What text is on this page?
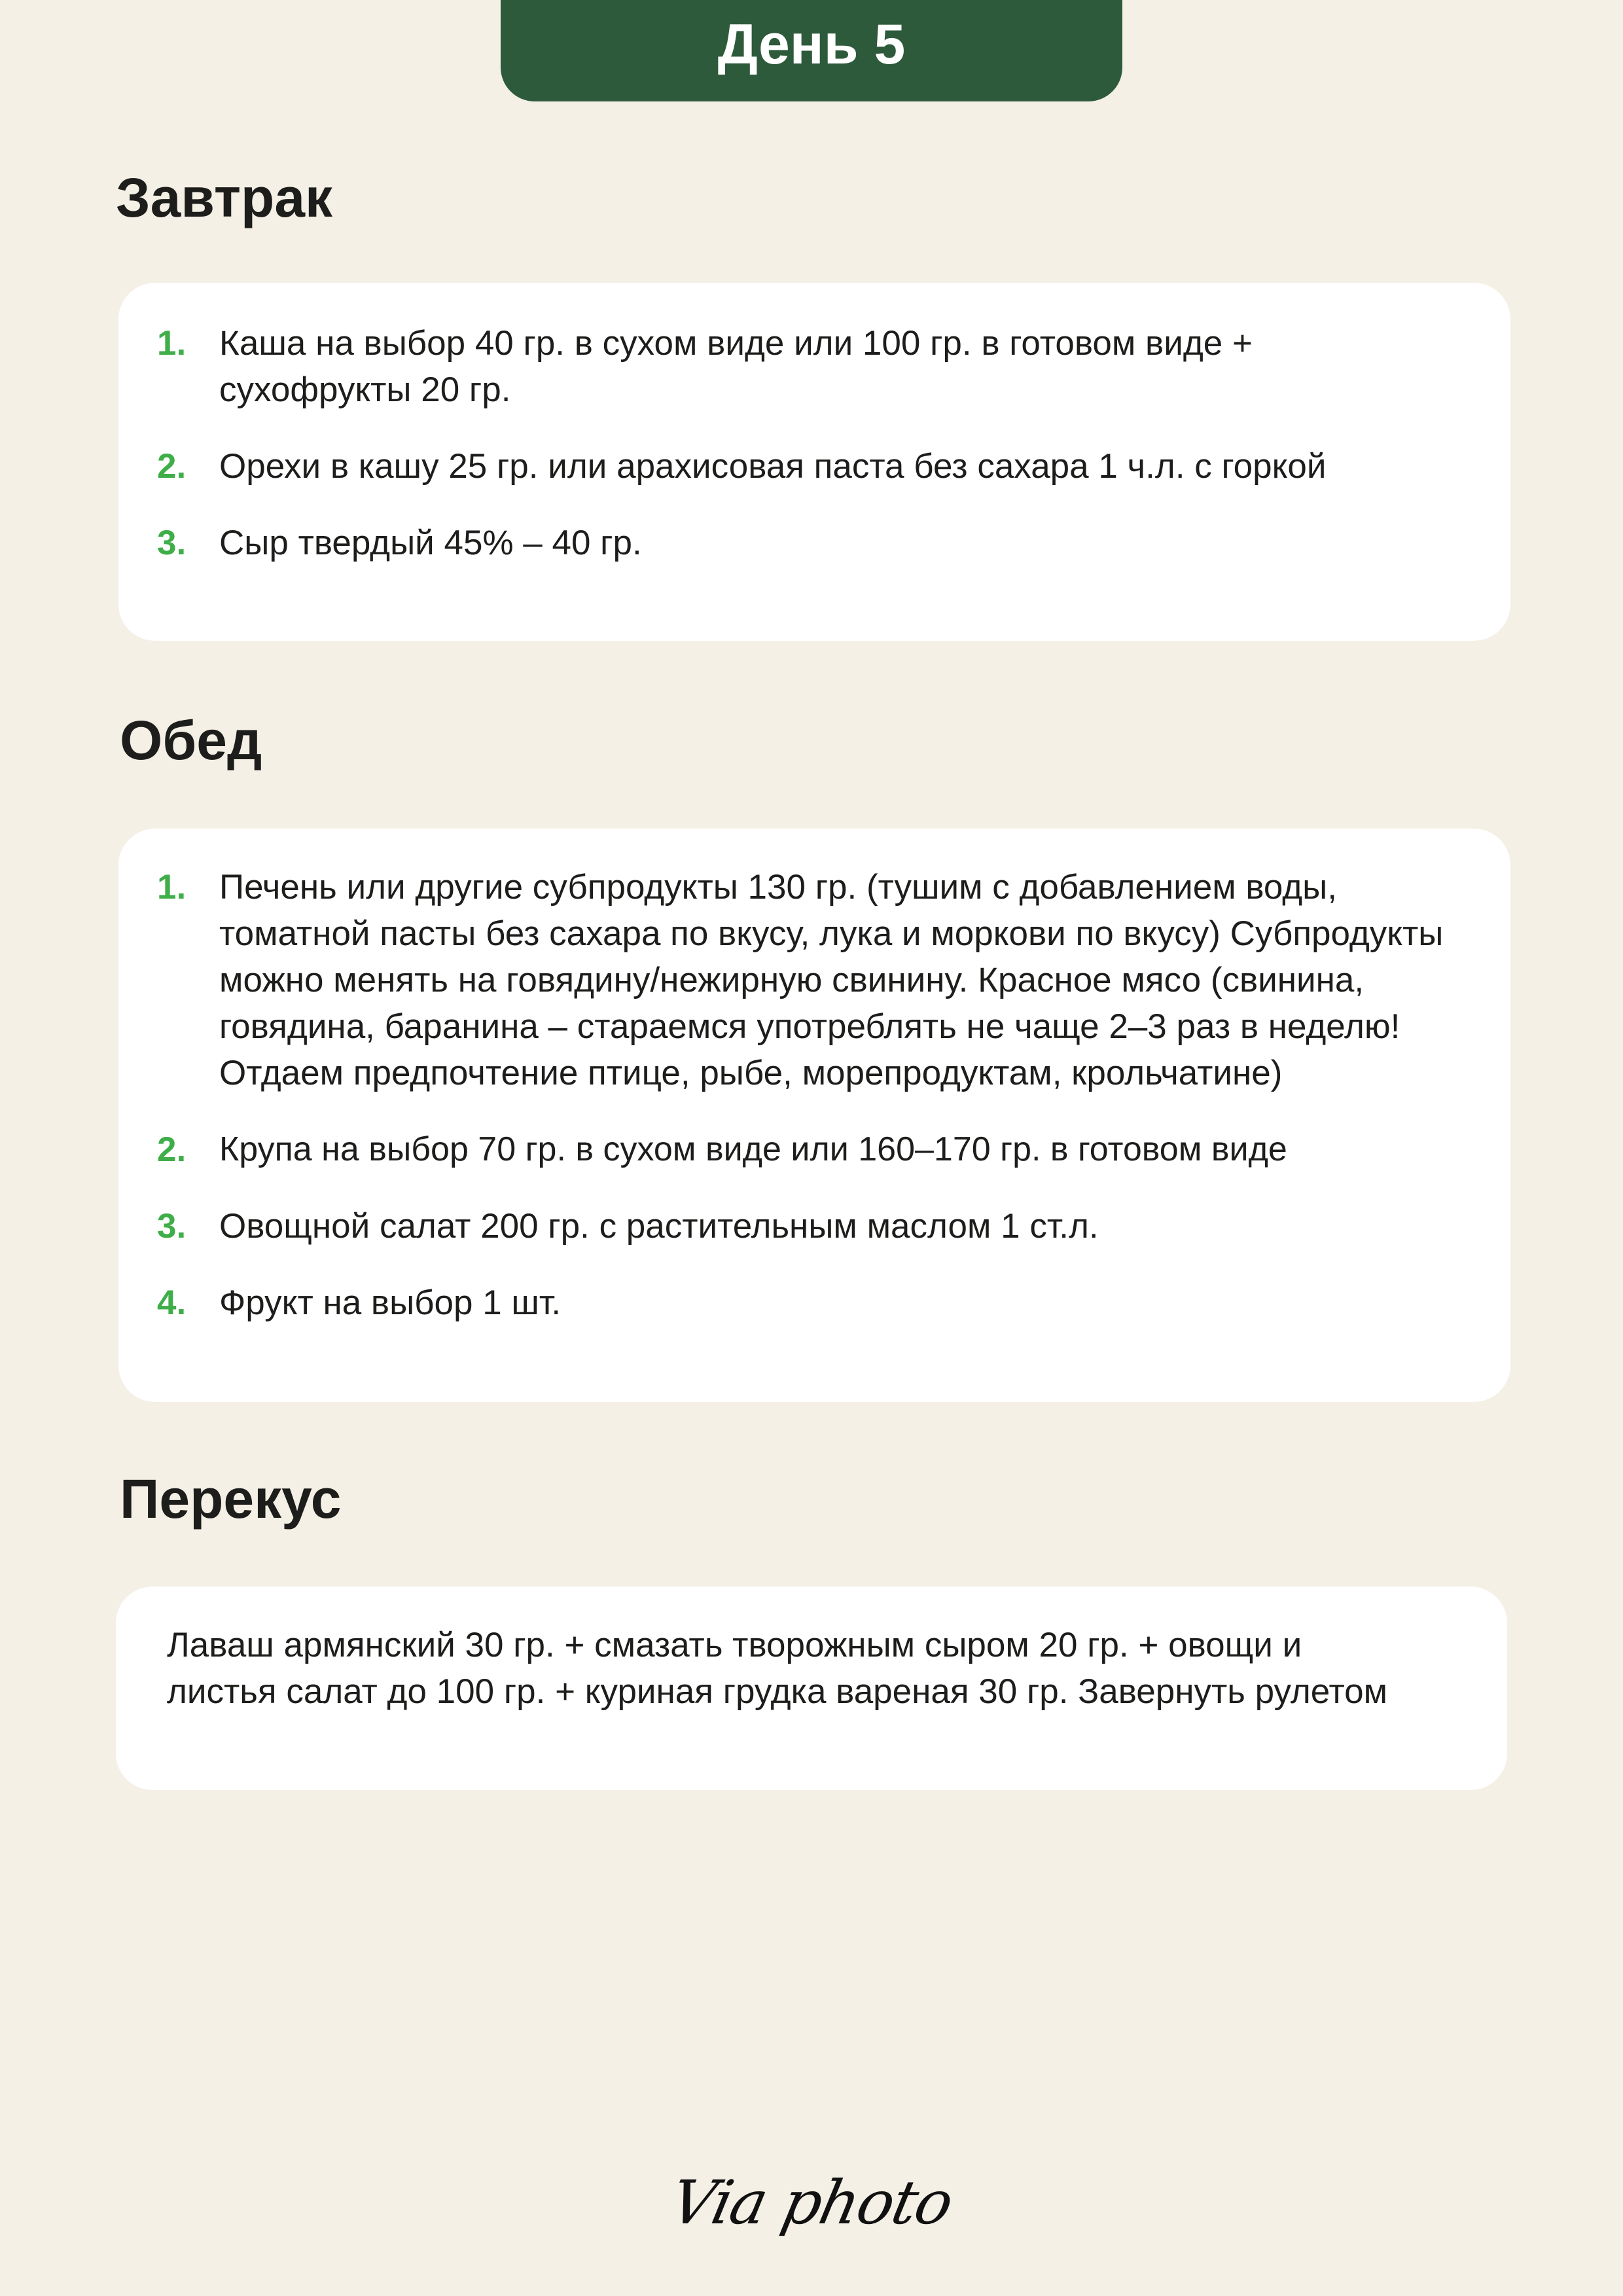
День 5
Завтрак
1. Каша на выбор 40 гр. в сухом виде или 100 гр. в готовом виде + сухофрукты 20 гр.
2. Орехи в кашу 25 гр. или арахисовая паста без сахара 1 ч.л. с горкой
3. Сыр твердый 45% – 40 гр.
Обед
1. Печень или другие субпродукты 130 гр. (тушим с добавлением воды, томатной пасты без сахара по вкусу, лука и моркови по вкусу) Субпродукты можно менять на говядину/нежирную свинину. Красное мясо (свинина, говядина, баранина – стараемся употреблять не чаще 2–3 раз в неделю! Отдаем предпочтение птице, рыбе, морепродуктам, крольчатине)
2. Крупа на выбор 70 гр. в сухом виде или 160–170 гр. в готовом виде
3. Овощной салат 200 гр. с растительным маслом 1 ст.л.
4. Фрукт на выбор 1 шт.
Перекус
Лаваш армянский 30 гр. + смазать творожным сыром 20 гр. + овощи и листья салат до 100 гр. + куриная грудка вареная 30 гр. Завернуть рулетом
Via photo
